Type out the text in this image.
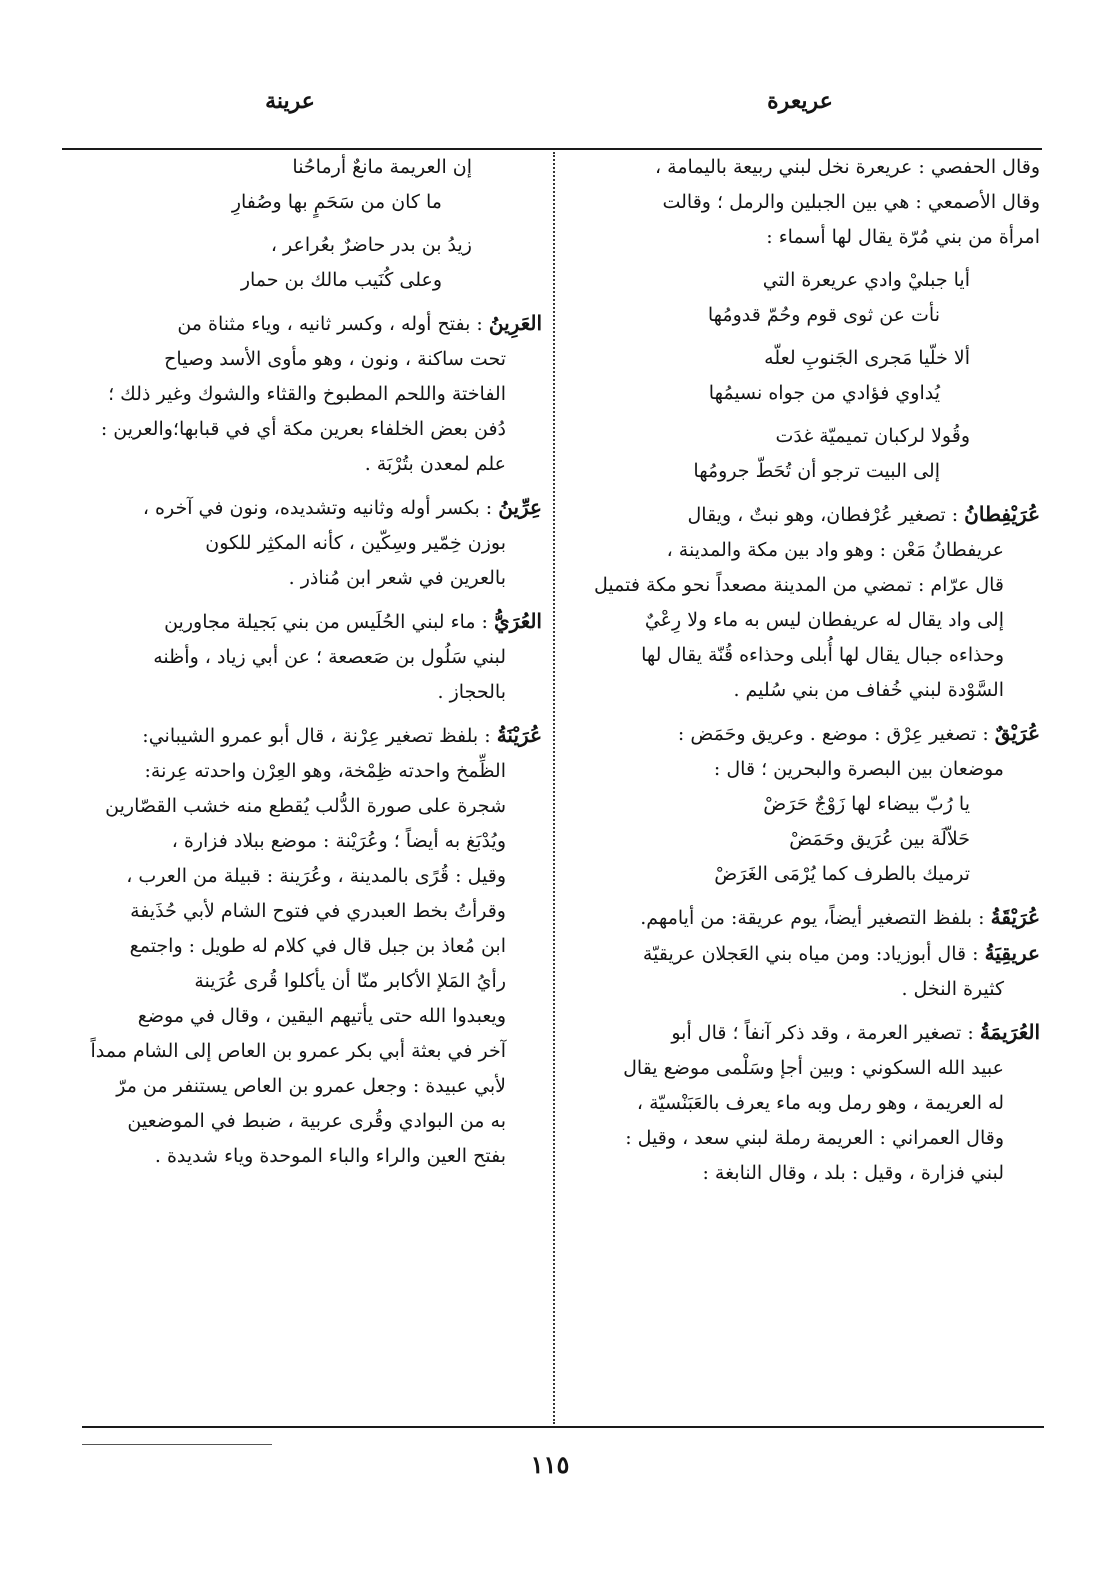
عريعرة
عرينة
وقال الحفصي : عريعرة نخل لبني ربيعة باليمامة ،
وقال الأصمعي : هي بين الجبلين والرمل ؛ وقالت
امرأة من بني مُرّة يقال لها أسماء :
أيا جبليْ وادي عريعرة التي
نأت عن ثوى قوم وحُمّ قدومُها
ألا خلّيا مَجرى الجَنوبِ لعلّه
يُداوي فؤادي من جواه نسيمُها
وقُولا لركبان تميميّة غدَت
إلى البيت ترجو أن تُحَطّ جرومُها
عُرَيْفِطانُ : تصغير عُرْفطان، وهو نبتٌ ، ويقال
عريفطانُ مَعْن : وهو واد بين مكة والمدينة ،
قال عرّام : تمضي من المدينة مصعداً نحو مكة فتميل
إلى واد يقال له عريفطان ليس به ماء ولا رِعْيٌ
وحذاءه جبال يقال لها أُبلى وحذاءه قُنّة يقال لها
السَّوْدة لبني خُفاف من بني سُليم .
عُرَيْقٌ : تصغير عِرْق : موضع . وعريق وحَمَض :
موضعان بين البصرة والبحرين ؛ قال :
يا رُبّ بيضاء لها زَوْجٌ حَرَضْ
حَلاّلَة بين عُرَيق وحَمَضْ
ترميك بالطرف كما يُرْمَى الغَرَضْ
عُرَيْقَةُ : بلفظ التصغير أيضاً، يوم عريقة: من أيامهم.
عريقِيَةُ : قال أبوزياد: ومن مياه بني العَجلان عريقيّة
كثيرة النخل .
العُرَيمَةُ : تصغير العرمة ، وقد ذكر آنفاً ؛ قال أبو
عبيد الله السكوني : وبين أجإ وسَلْمى موضع يقال
له العريمة ، وهو رمل وبه ماء يعرف بالعَبَنْسيّة ،
وقال العمراني : العريمة رملة لبني سعد ، وقيل :
لبني فزارة ، وقيل : بلد ، وقال النابغة :
إن العريمة مانعٌ أرماحُنا
ما كان من سَحَمٍ بها وصُفارِ
زيدُ بن بدر حاضرٌ بعُراعر ،
وعلى كُنَيب مالك بن حمار
العَرِينُ : بفتح أوله ، وكسر ثانيه ، وياء مثناة من
تحت ساكنة ، ونون ، وهو مأوى الأسد وصياح
الفاختة واللحم المطبوخ والقثاء والشوك وغير ذلك ؛
دُفن بعض الخلفاء بعرين مكة أي في قبابها؛والعرين :
علم لمعدن بتُرْبَة .
عِرِّينُ : بكسر أوله وثانيه وتشديده، ونون في آخره ،
بوزن خِمّير وسِكّين ، كأنه المكثِر للكون
بالعرين في شعر ابن مُناذر .
العُرَيُّ : ماء لبني الحُلَيس من بني بَجيلة مجاورين
لبني سَلُول بن صَعصعة ؛ عن أبي زياد ، وأظنه
بالحجاز .
عُرَيْنَةُ : بلفظ تصغير عِرْنة ، قال أبو عمرو الشيباني:
الظِّمخ واحدته ظِمْخة، وهو العِرْن واحدته عِرنة:
شجرة على صورة الدُّلب يُقطع منه خشب القصّارين
ويُدْبَغ به أيضاً ؛ وعُرَيْنة : موضع ببلاد فزارة ،
وقيل : قُرًى بالمدينة ، وعُرَينة : قبيلة من العرب ،
وقرأتُ بخط العبدري في فتوح الشام لأبي حُذَيفة
ابن مُعاذ بن جبل قال في كلام له طويل : واجتمع
رأيُ المَلإ الأكابر منّا أن يأكلوا قُرى عُرَينة
ويعبدوا الله حتى يأتيهم اليقين ، وقال في موضع
آخر في بعثة أبي بكر عمرو بن العاص إلى الشام ممداً
لأبي عبيدة : وجعل عمرو بن العاص يستنفر من مرّ
به من البوادي وقُرى عربية ، ضبط في الموضعين
بفتح العين والراء والباء الموحدة وياء شديدة .
١١٥
